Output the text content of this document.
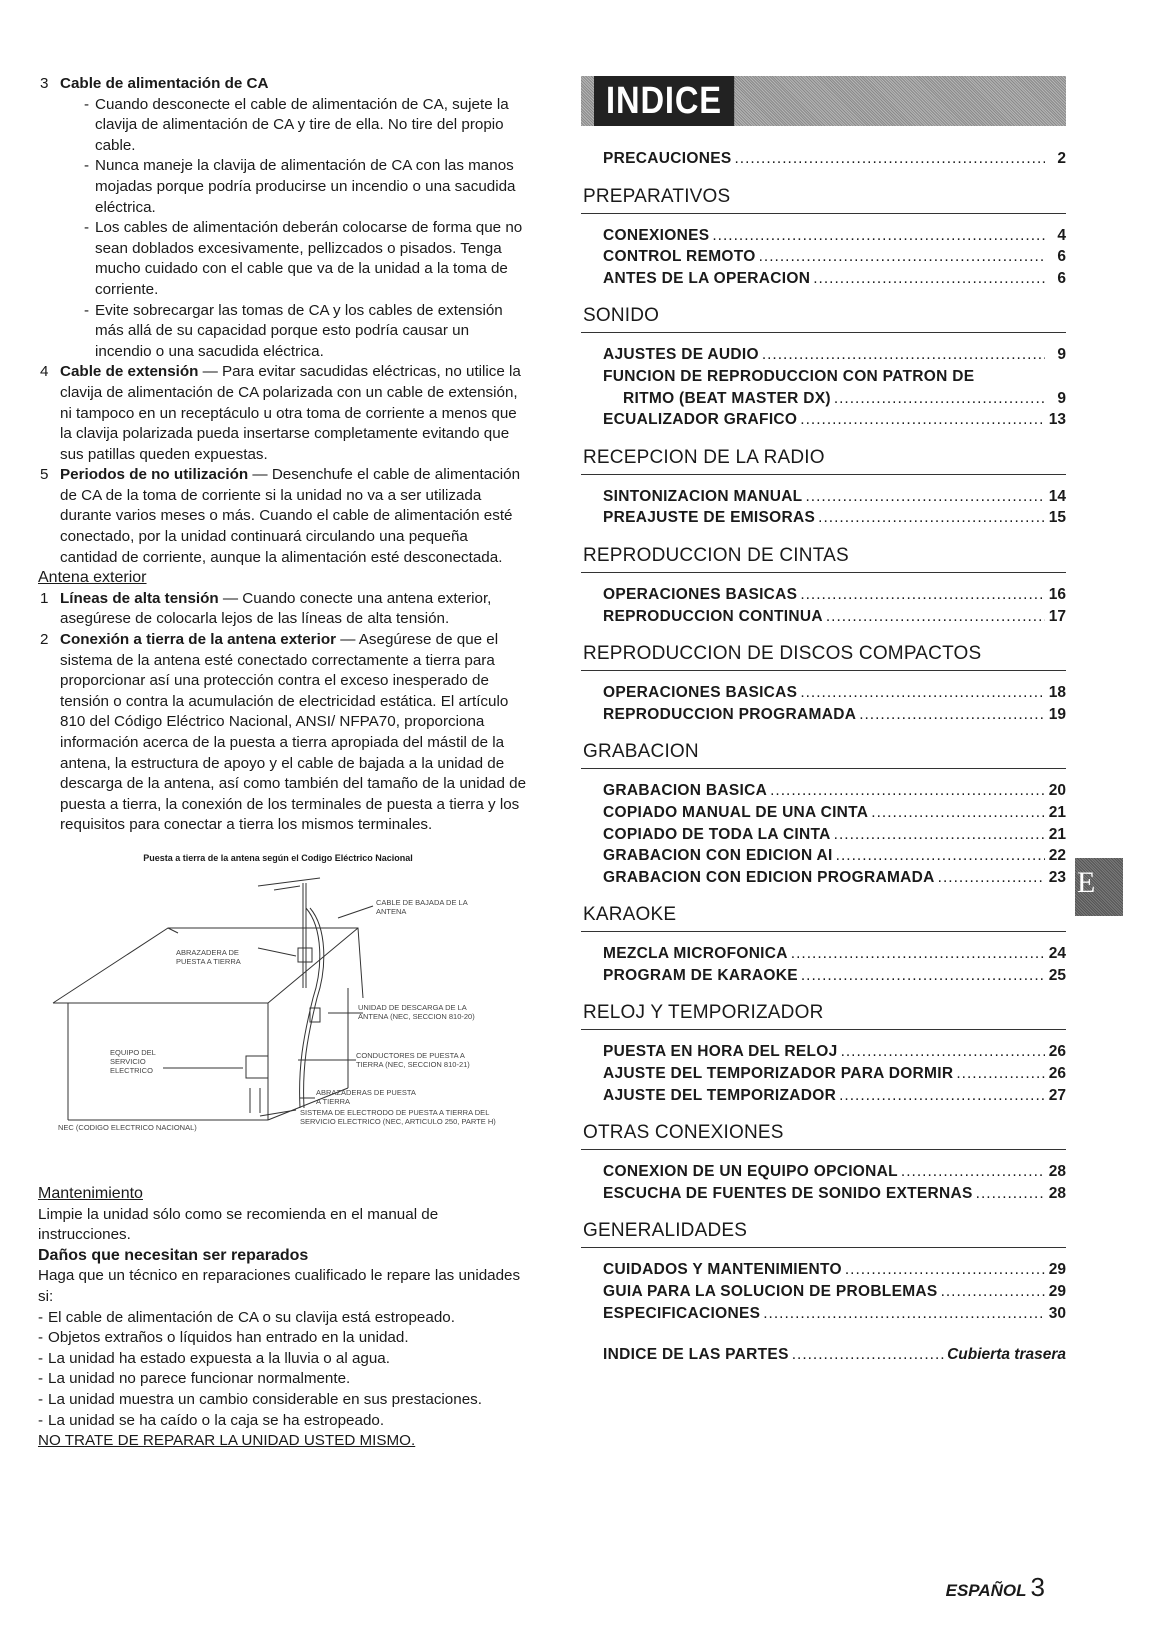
3 Cable de alimentación de CA

- Cuando desconecte el cable de alimentación de CA, sujete la clavija de alimentación de CA y tire de ella. No tire del propio cable.

- Nunca maneje la clavija de alimentación de CA con las manos mojadas porque podría producirse un incendio o una sacudida eléctrica.

- Los cables de alimentación deberán colocarse de forma que no sean doblados excesivamente, pellizcados o pisados. Tenga mucho cuidado con el cable que va de la unidad a la toma de corriente.

- Evite sobrecargar las tomas de CA y los cables de extensión más allá de su capacidad porque esto podría causar un incendio o una sacudida eléctrica.

4 Cable de extensión — Para evitar sacudidas eléctricas, no utilice la clavija de alimentación de CA polarizada con un cable de extensión, ni tampoco en un receptáculo u otra toma de corriente a menos que la clavija polarizada pueda insertarse completamente evitando que sus patillas queden expuestas.

5 Periodos de no utilización — Desenchufe el cable de alimentación de CA de la toma de corriente si la unidad no va a ser utilizada durante varios meses o más. Cuando el cable de alimentación esté conectado, por la unidad continuará circulando una pequeña cantidad de corriente, aunque la alimentación esté desconectada.

Antena exterior

1 Líneas de alta tensión — Cuando conecte una antena exterior, asegúrese de colocarla lejos de las líneas de alta tensión.

2 Conexión a tierra de la antena exterior — Asegúrese de que el sistema de la antena esté conectado correctamente a tierra para proporcionar así una protección contra el exceso inesperado de tensión o contra la acumulación de electricidad estática. El artículo 810 del Código Eléctrico Nacional, ANSI/ NFPA70, proporciona información acerca de la puesta a tierra apropiada del mástil de la antena, la estructura de apoyo y el cable de bajada a la unidad de descarga de la antena, así como también del tamaño de la unidad de puesta a tierra, la conexión de los terminales de puesta a tierra y los requisitos para conectar a tierra los mismos terminales.

Puesta a tierra de la antena según el Codigo Eléctrico Nacional
CABLE DE BAJADA DE LA ANTENA
ABRAZADERA DE PUESTA A TIERRA
UNIDAD DE DESCARGA DE LA ANTENA (NEC, SECCION 810-20)
EQUIPO DEL SERVICIO ELECTRICO
CONDUCTORES DE PUESTA A TIERRA (NEC, SECCION 810-21)
ABRAZADERAS DE PUESTA A TIERRA
SISTEMA DE ELECTRODO DE PUESTA A TIERRA DEL SERVICIO ELECTRICO (NEC, ARTICULO 250, PARTE H)
NEC (CODIGO ELECTRICO NACIONAL)

Mantenimiento

Limpie la unidad sólo como se recomienda en el manual de instrucciones.

Daños que necesitan ser reparados

Haga que un técnico en reparaciones cualificado le repare las unidades si:

- El cable de alimentación de CA o su clavija está estropeado.

- Objetos extraños o líquidos han entrado en la unidad.

- La unidad ha estado expuesta a la lluvia o al agua.

- La unidad no parece funcionar normalmente.

- La unidad muestra un cambio considerable en sus prestaciones.

- La unidad se ha caído o la caja se ha estropeado.

NO TRATE DE REPARAR LA UNIDAD USTED MISMO.

INDICE
PRECAUCIONES .....	2
PREPARATIVOS
CONEXIONES .....	4
CONTROL REMOTO .....	6
ANTES DE LA OPERACION .....	6
SONIDO
AJUSTES DE AUDIO .....	9
FUNCION DE REPRODUCCION CON PATRON DE
RITMO (BEAT MASTER DX) .....	9
ECUALIZADOR GRAFICO .....	13
RECEPCION DE LA RADIO
SINTONIZACION MANUAL .....	14
PREAJUSTE DE EMISORAS .....	15
REPRODUCCION DE CINTAS
OPERACIONES BASICAS .....	16
REPRODUCCION CONTINUA .....	17
REPRODUCCION DE DISCOS COMPACTOS
OPERACIONES BASICAS .....	18
REPRODUCCION PROGRAMADA .....	19
GRABACION
GRABACION BASICA .....	20
COPIADO MANUAL DE UNA CINTA .....	21
COPIADO DE TODA LA CINTA .....	21
GRABACION CON EDICION AI .....	22
GRABACION CON EDICION PROGRAMADA .....	23
KARAOKE
MEZCLA MICROFONICA .....	24
PROGRAM DE KARAOKE .....	25
RELOJ Y TEMPORIZADOR
PUESTA EN HORA DEL RELOJ .....	26
AJUSTE DEL TEMPORIZADOR PARA DORMIR .....	26
AJUSTE DEL TEMPORIZADOR .....	27
OTRAS CONEXIONES
CONEXION DE UN EQUIPO OPCIONAL .....	28
ESCUCHA DE FUENTES DE SONIDO EXTERNAS .....	28
GENERALIDADES
CUIDADOS Y MANTENIMIENTO .....	29
GUIA PARA LA SOLUCION DE PROBLEMAS .....	29
ESPECIFICACIONES .....	30
INDICE DE LAS PARTES .....	Cubierta trasera
E
ESPAÑOL 3
